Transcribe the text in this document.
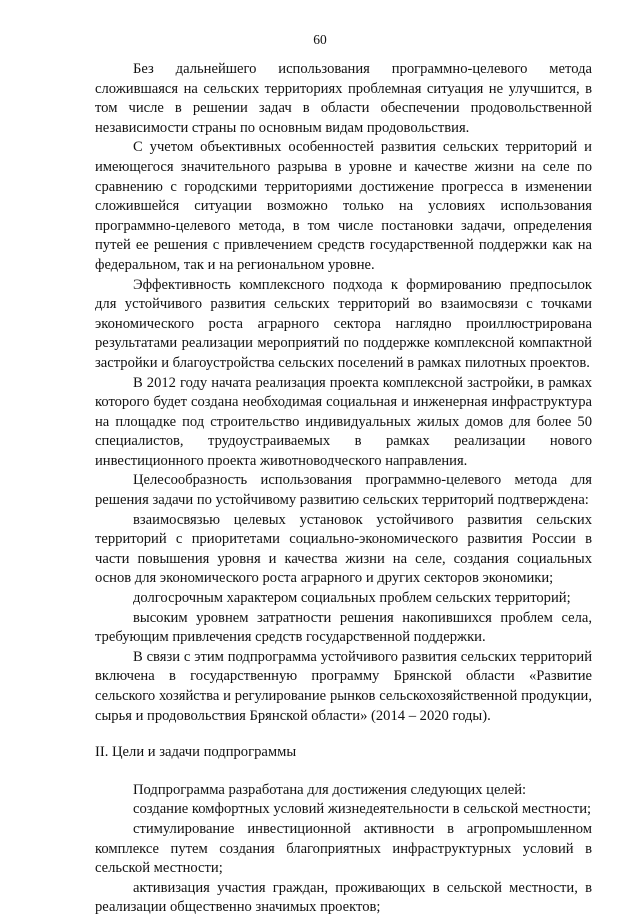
60

Без дальнейшего использования программно-целевого метода сложившаяся на сельских территориях проблемная ситуация не улучшится, в том числе в решении задач в области обеспечении продовольственной независимости страны по основным видам продовольствия.

С учетом объективных особенностей развития сельских территорий и имеющегося значительного разрыва в уровне и качестве жизни на селе по сравнению с городскими территориями достижение прогресса в изменении сложившейся ситуации возможно только на условиях использования программно-целевого метода, в том числе постановки задачи, определения путей ее решения с привлечением средств государственной поддержки как на федеральном, так и на региональном уровне.

Эффективность комплексного подхода к формированию предпосылок для устойчивого развития сельских территорий во взаимосвязи с точками экономического роста аграрного сектора наглядно проиллюстрирована результатами реализации мероприятий по поддержке комплексной компактной застройки и благоустройства сельских поселений в рамках пилотных проектов.

В 2012 году начата реализация проекта комплексной застройки, в рамках которого будет создана необходимая социальная и инженерная инфраструктура на площадке под строительство индивидуальных жилых домов для более 50 специалистов, трудоустраиваемых в рамках реализации нового инвестиционного проекта животноводческого направления.

Целесообразность использования программно-целевого метода для решения задачи по устойчивому развитию сельских территорий подтверждена:

взаимосвязью целевых установок устойчивого развития сельских территорий с приоритетами социально-экономического развития России в части повышения уровня и качества жизни на селе, создания социальных основ для экономического роста аграрного и других секторов экономики;

долгосрочным характером социальных проблем сельских территорий;

высоким уровнем затратности решения накопившихся проблем села, требующим привлечения средств государственной поддержки.

В связи с этим подпрограмма устойчивого развития сельских территорий включена в государственную программу Брянской области «Развитие сельского хозяйства и регулирование рынков сельскохозяйственной продукции, сырья и продовольствия Брянской области» (2014 – 2020 годы).

II. Цели и задачи подпрограммы

Подпрограмма разработана для достижения следующих целей:

создание комфортных условий жизнедеятельности в сельской местности;

стимулирование инвестиционной активности в агропромышленном комплексе путем создания благоприятных инфраструктурных условий в сельской местности;

активизация участия граждан, проживающих в сельской местности, в реализации общественно значимых проектов;
